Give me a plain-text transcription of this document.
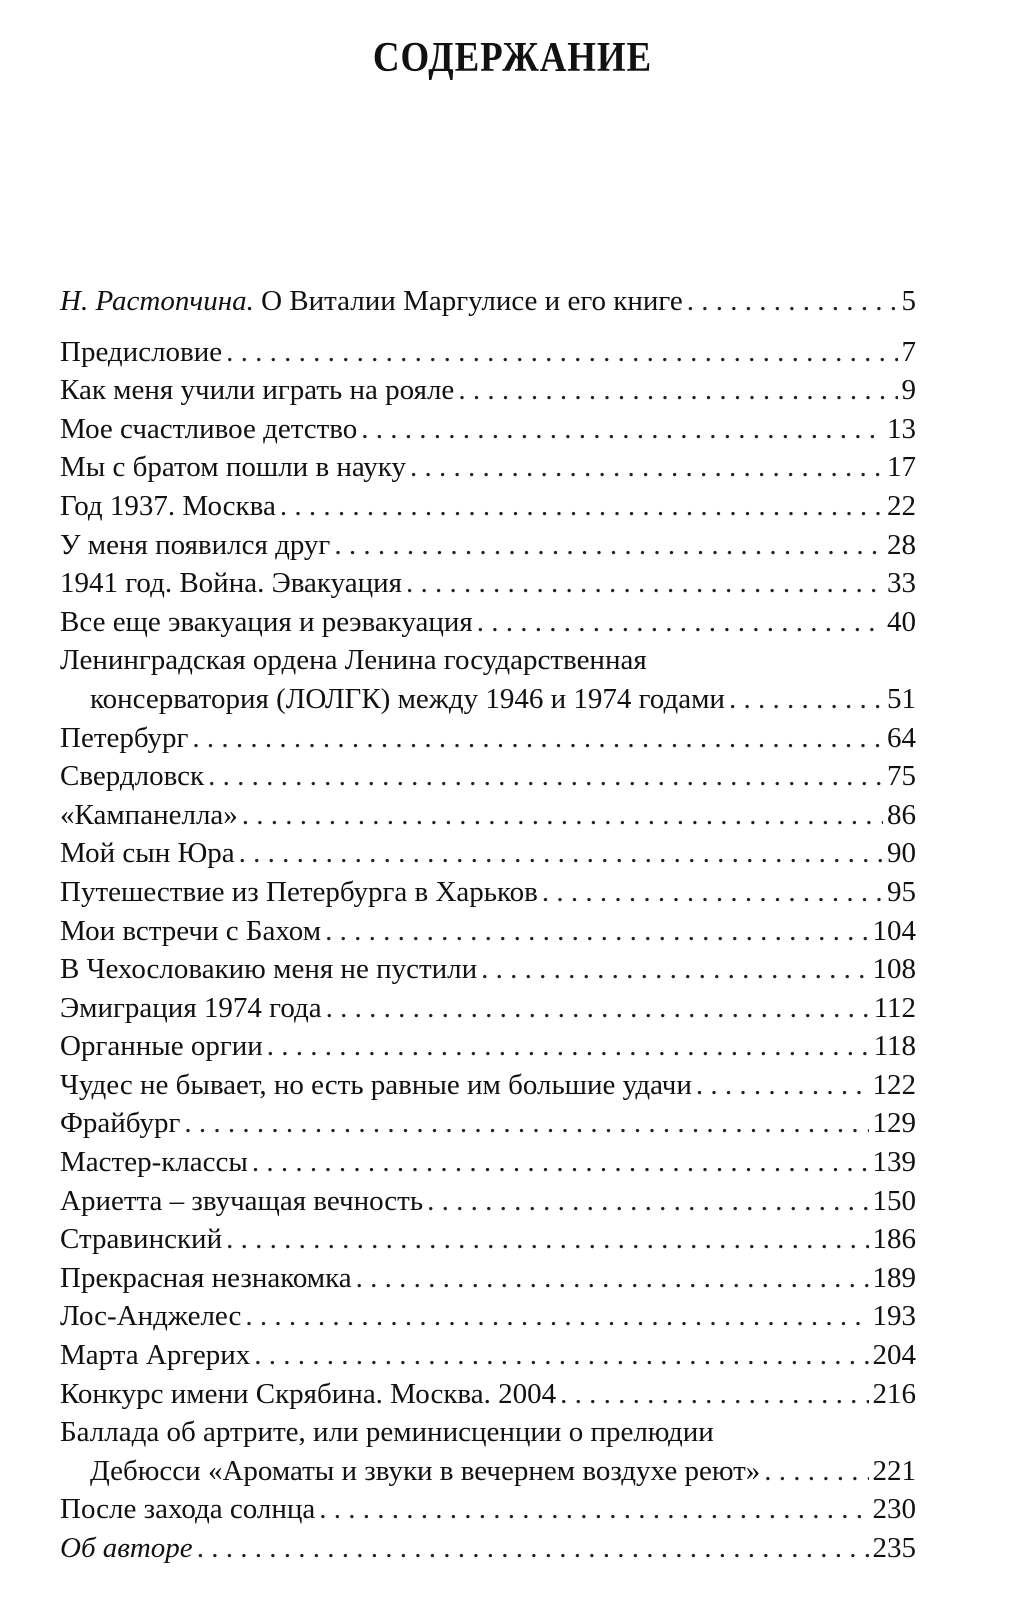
СОДЕРЖАНИЕ
Н. Растопчина. О Виталии Маргулисе и его книге . . .	5
Предисловие . . .	7
Как меня учили играть на рояле . . .	9
Мое счастливое детство . . .	13
Мы с братом пошли в науку . . .	17
Год 1937. Москва . . .	22
У меня появился друг . . .	28
1941 год. Война. Эвакуация . . .	33
Все еще эвакуация и реэвакуация . . .	40
Ленинградская ордена Ленина государственная
консерватория (ЛОЛГК) между 1946 и 1974 годами . . .	51
Петербург . . .	64
Свердловск . . .	75
«Кампанелла» . . .	86
Мой сын Юра . . .	90
Путешествие из Петербурга в Харьков . . .	95
Мои встречи с Бахом . . .	104
В Чехословакию меня не пустили . . .	108
Эмиграция 1974 года . . .	112
Органные оргии . . .	118
Чудес не бывает, но есть равные им большие удачи . . .	122
Фрайбург . . .	129
Мастер-классы . . .	139
Ариетта – звучащая вечность . . .	150
Стравинский . . .	186
Прекрасная незнакомка . . .	189
Лос-Анджелес . . .	193
Марта Аргерих . . .	204
Конкурс имени Скрябина. Москва. 2004 . . .	216
Баллада об артрите, или реминисценции о прелюдии
Дебюсси «Ароматы и звуки в вечернем воздухе реют» . . .	221
После захода солнца . . .	230
Об авторе . . .	235
